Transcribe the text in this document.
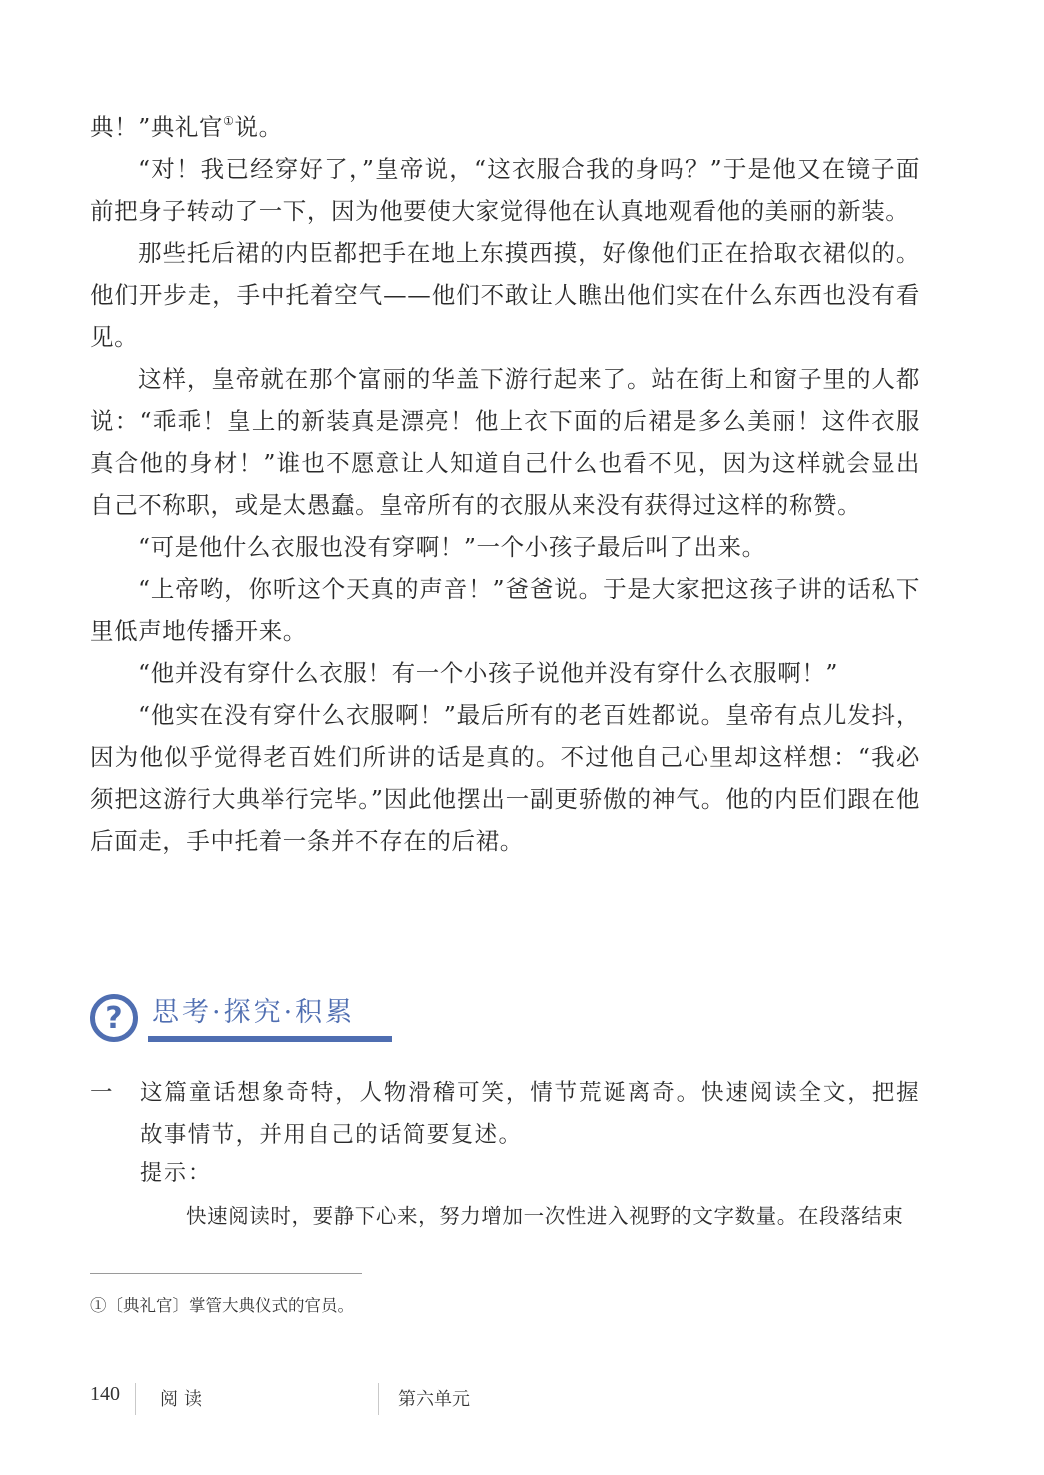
典！”典礼官①说。

“对！我已经穿好了，”皇帝说，“这衣服合我的身吗？”于是他又在镜子面前把身子转动了一下，因为他要使大家觉得他在认真地观看他的美丽的新装。

那些托后裙的内臣都把手在地上东摸西摸，好像他们正在拾取衣裙似的。他们开步走，手中托着空气——他们不敢让人瞧出他们实在什么东西也没有看见。

这样，皇帝就在那个富丽的华盖下游行起来了。站在街上和窗子里的人都说：“乖乖！皇上的新装真是漂亮！他上衣下面的后裙是多么美丽！这件衣服真合他的身材！”谁也不愿意让人知道自己什么也看不见，因为这样就会显出自己不称职，或是太愚蠢。皇帝所有的衣服从来没有获得过这样的称赞。

“可是他什么衣服也没有穿啊！”一个小孩子最后叫了出来。

“上帝哟，你听这个天真的声音！”爸爸说。于是大家把这孩子讲的话私下里低声地传播开来。

“他并没有穿什么衣服！有一个小孩子说他并没有穿什么衣服啊！”

“他实在没有穿什么衣服啊！”最后所有的老百姓都说。皇帝有点儿发抖，因为他似乎觉得老百姓们所讲的话是真的。不过他自己心里却这样想：“我必须把这游行大典举行完毕。”因此他摆出一副更骄傲的神气。他的内臣们跟在他后面走，手中托着一条并不存在的后裙。

? 思考·探究·积累
一 这篇童话想象奇特，人物滑稽可笑，情节荒诞离奇。快速阅读全文，把握故事情节，并用自己的话简要复述。
提示：
快速阅读时，要静下心来，努力增加一次性进入视野的文字数量。在段落结束
①〔典礼官〕掌管大典仪式的官员。
140 阅读	第六单元
